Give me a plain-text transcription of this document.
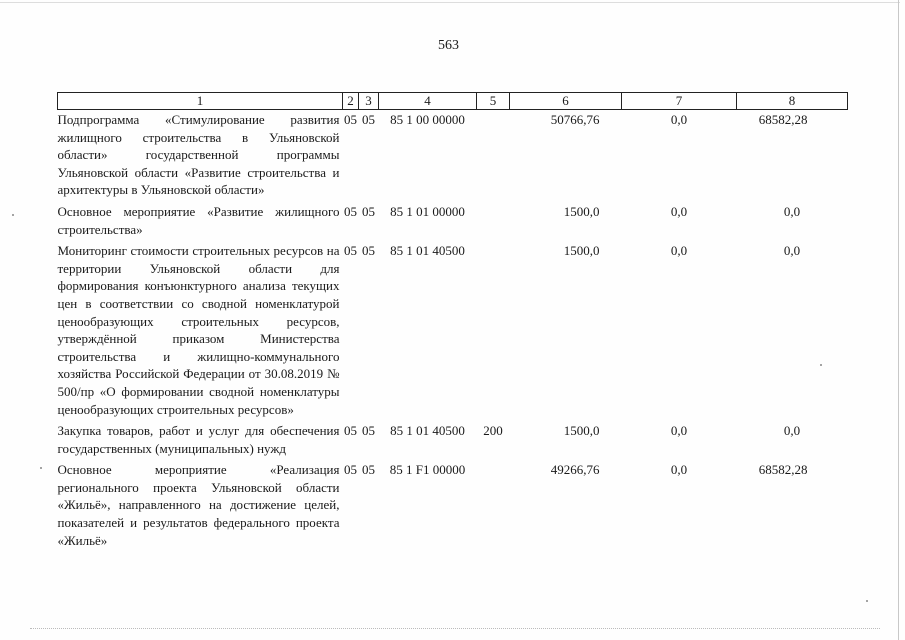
563
1	2	3	4	5	6	7	8
Подпрограмма «Стимулирование развития жилищного строительства в Ульяновской области» государственной программы Ульяновской области «Развитие строительства и архитектуры в Ульяновской области»	05	05	85 1 00 00000		50766,76	0,0	68582,28
Основное мероприятие «Развитие жилищного строительства»	05	05	85 1 01 00000		1500,0	0,0	0,0
Мониторинг стоимости строительных ресурсов на территории Ульяновской области для формирования конъюнктурного анализа текущих цен в соответствии со сводной номенклатурой ценообразующих строительных ресурсов, утверждённой приказом Министерства строительства и жилищно-коммунального хозяйства Российской Федерации от 30.08.2019 № 500/пр «О формировании сводной номенклатуры ценообразующих строительных ресурсов»	05	05	85 1 01 40500		1500,0	0,0	0,0
Закупка товаров, работ и услуг для обеспечения государственных (муниципальных) нужд	05	05	85 1 01 40500	200	1500,0	0,0	0,0
Основное мероприятие «Реализация регионального проекта Ульяновской области «Жильё», направленного на достижение целей, показателей и результатов федерального проекта «Жильё»	05	05	85 1 F1 00000		49266,76	0,0	68582,28
